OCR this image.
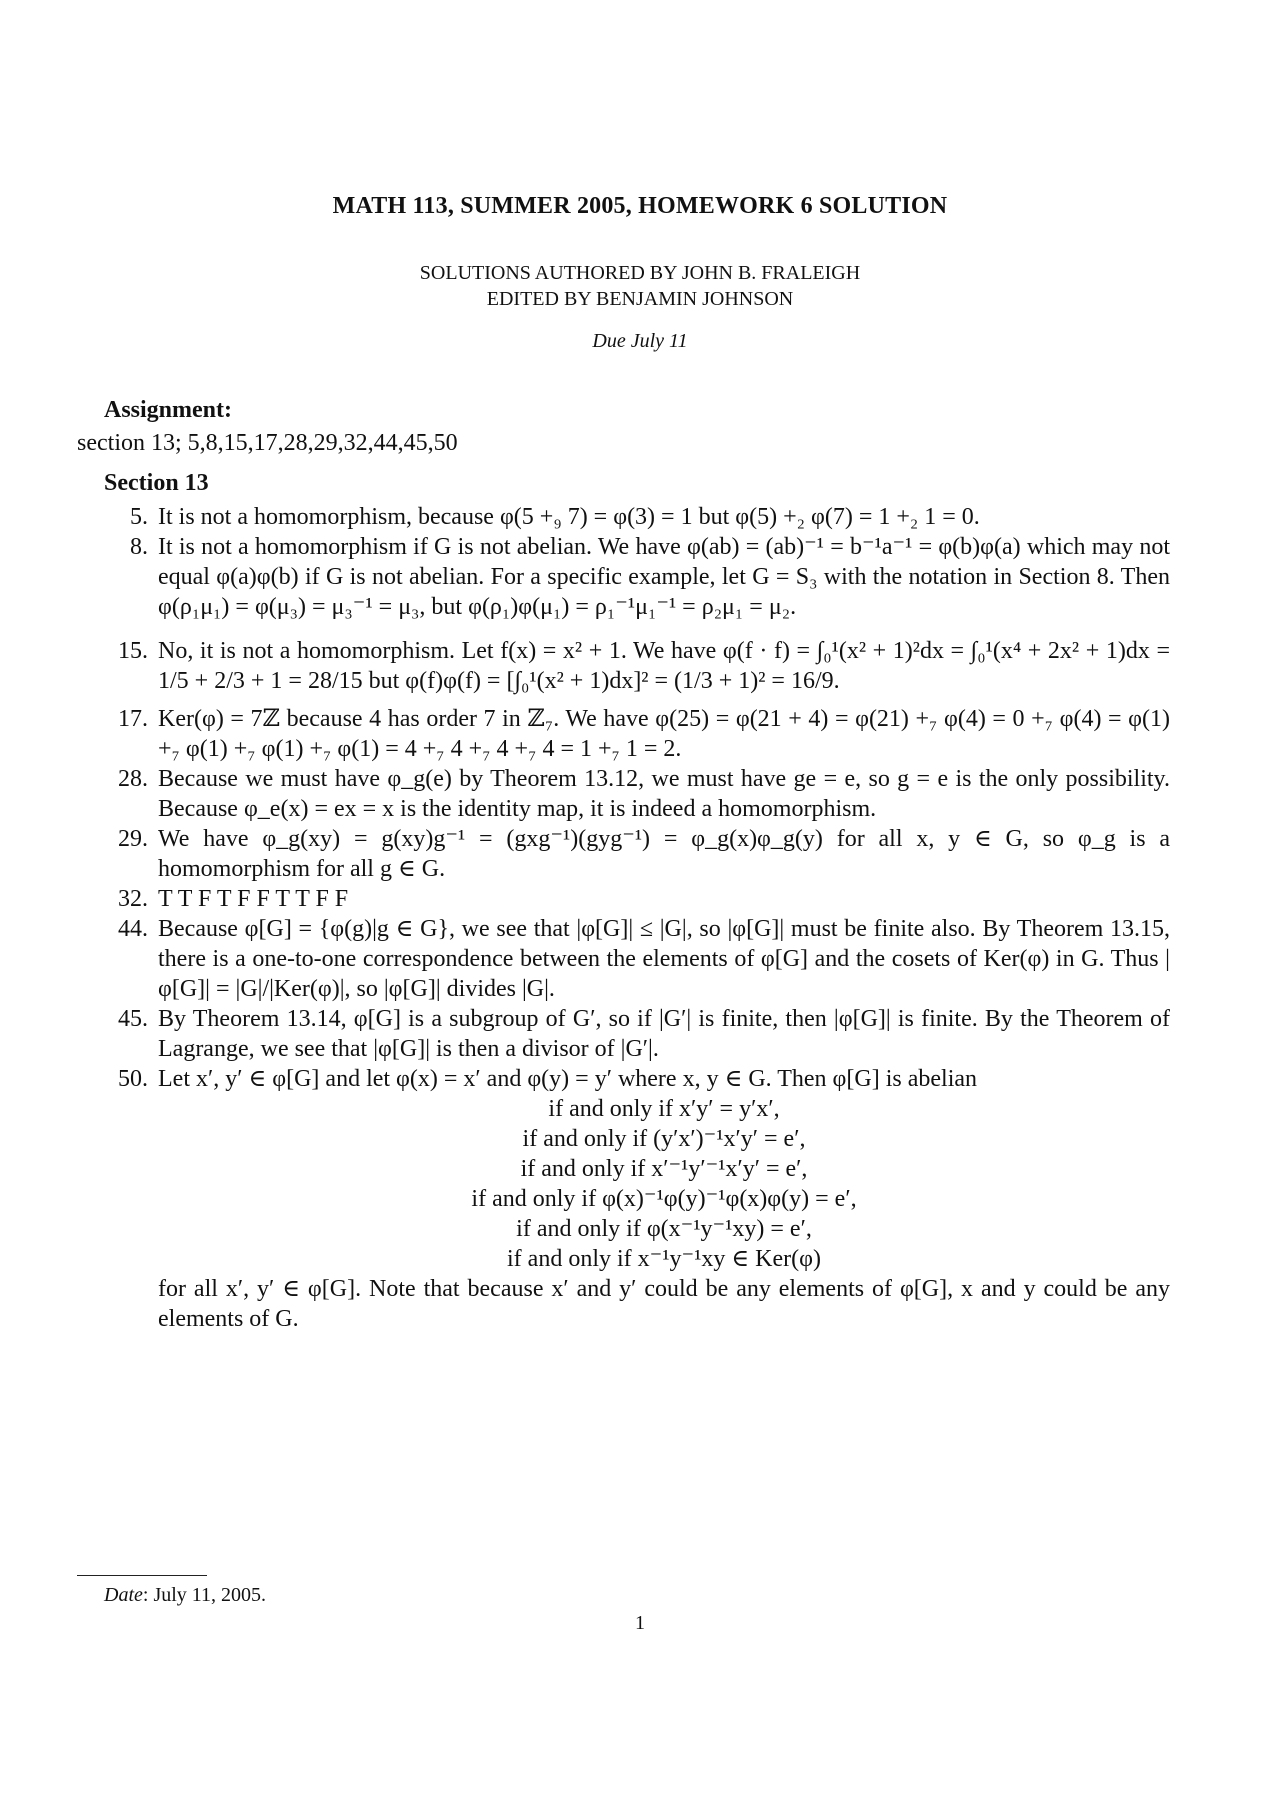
MATH 113, SUMMER 2005, HOMEWORK 6 SOLUTION
SOLUTIONS AUTHORED BY JOHN B. FRALEIGH
EDITED BY BENJAMIN JOHNSON
Due July 11
Assignment:
section 13; 5,8,15,17,28,29,32,44,45,50
Section 13
5. It is not a homomorphism, because φ(5 +₉ 7) = φ(3) = 1 but φ(5) +₂ φ(7) = 1 +₂ 1 = 0.
8. It is not a homomorphism if G is not abelian. We have φ(ab) = (ab)⁻¹ = b⁻¹a⁻¹ = φ(b)φ(a) which may not equal φ(a)φ(b) if G is not abelian. For a specific example, let G = S₃ with the notation in Section 8. Then φ(ρ₁μ₁) = φ(μ₃) = μ₃⁻¹ = μ₃, but φ(ρ₁)φ(μ₁) = ρ₁⁻¹μ₁⁻¹ = ρ₂μ₁ = μ₂.
15. No, it is not a homomorphism. Let f(x) = x² + 1. We have φ(f · f) = ∫₀¹(x² + 1)²dx = ∫₀¹(x⁴ + 2x² + 1)dx = 1/5 + 2/3 + 1 = 28/15 but φ(f)φ(f) = [∫₀¹(x² + 1)dx]² = (1/3 + 1)² = 16/9.
17. Ker(φ) = 7ℤ because 4 has order 7 in ℤ₇. We have φ(25) = φ(21 + 4) = φ(21) +₇ φ(4) = 0 +₇ φ(4) = φ(1) +₇ φ(1) +₇ φ(1) +₇ φ(1) = 4 +₇ 4 +₇ 4 +₇ 4 = 1 +₇ 1 = 2.
28. Because we must have φ_g(e) by Theorem 13.12, we must have ge = e, so g = e is the only possibility. Because φ_e(x) = ex = x is the identity map, it is indeed a homomorphism.
29. We have φ_g(xy) = g(xy)g⁻¹ = (gxg⁻¹)(gyg⁻¹) = φ_g(x)φ_g(y) for all x, y ∈ G, so φ_g is a homomorphism for all g ∈ G.
32. T T F T F F T T F F
44. Because φ[G] = {φ(g)|g ∈ G}, we see that |φ[G]| ≤ |G|, so |φ[G]| must be finite also. By Theorem 13.15, there is a one-to-one correspondence between the elements of φ[G] and the cosets of Ker(φ) in G. Thus |φ[G]| = |G|/|Ker(φ)|, so |φ[G]| divides |G|.
45. By Theorem 13.14, φ[G] is a subgroup of G′, so if |G′| is finite, then |φ[G]| is finite. By the Theorem of Lagrange, we see that |φ[G]| is then a divisor of |G′|.
50. Let x′, y′ ∈ φ[G] and let φ(x) = x′ and φ(y) = y′ where x, y ∈ G. Then φ[G] is abelian
if and only if x′y′ = y′x′,
if and only if (y′x′)⁻¹x′y′ = e′,
if and only if x′⁻¹y′⁻¹x′y′ = e′,
if and only if φ(x)⁻¹φ(y)⁻¹φ(x)φ(y) = e′,
if and only if φ(x⁻¹y⁻¹xy) = e′,
if and only if x⁻¹y⁻¹xy ∈ Ker(φ)
for all x′, y′ ∈ φ[G]. Note that because x′ and y′ could be any elements of φ[G], x and y could be any elements of G.
Date: July 11, 2005.
1
